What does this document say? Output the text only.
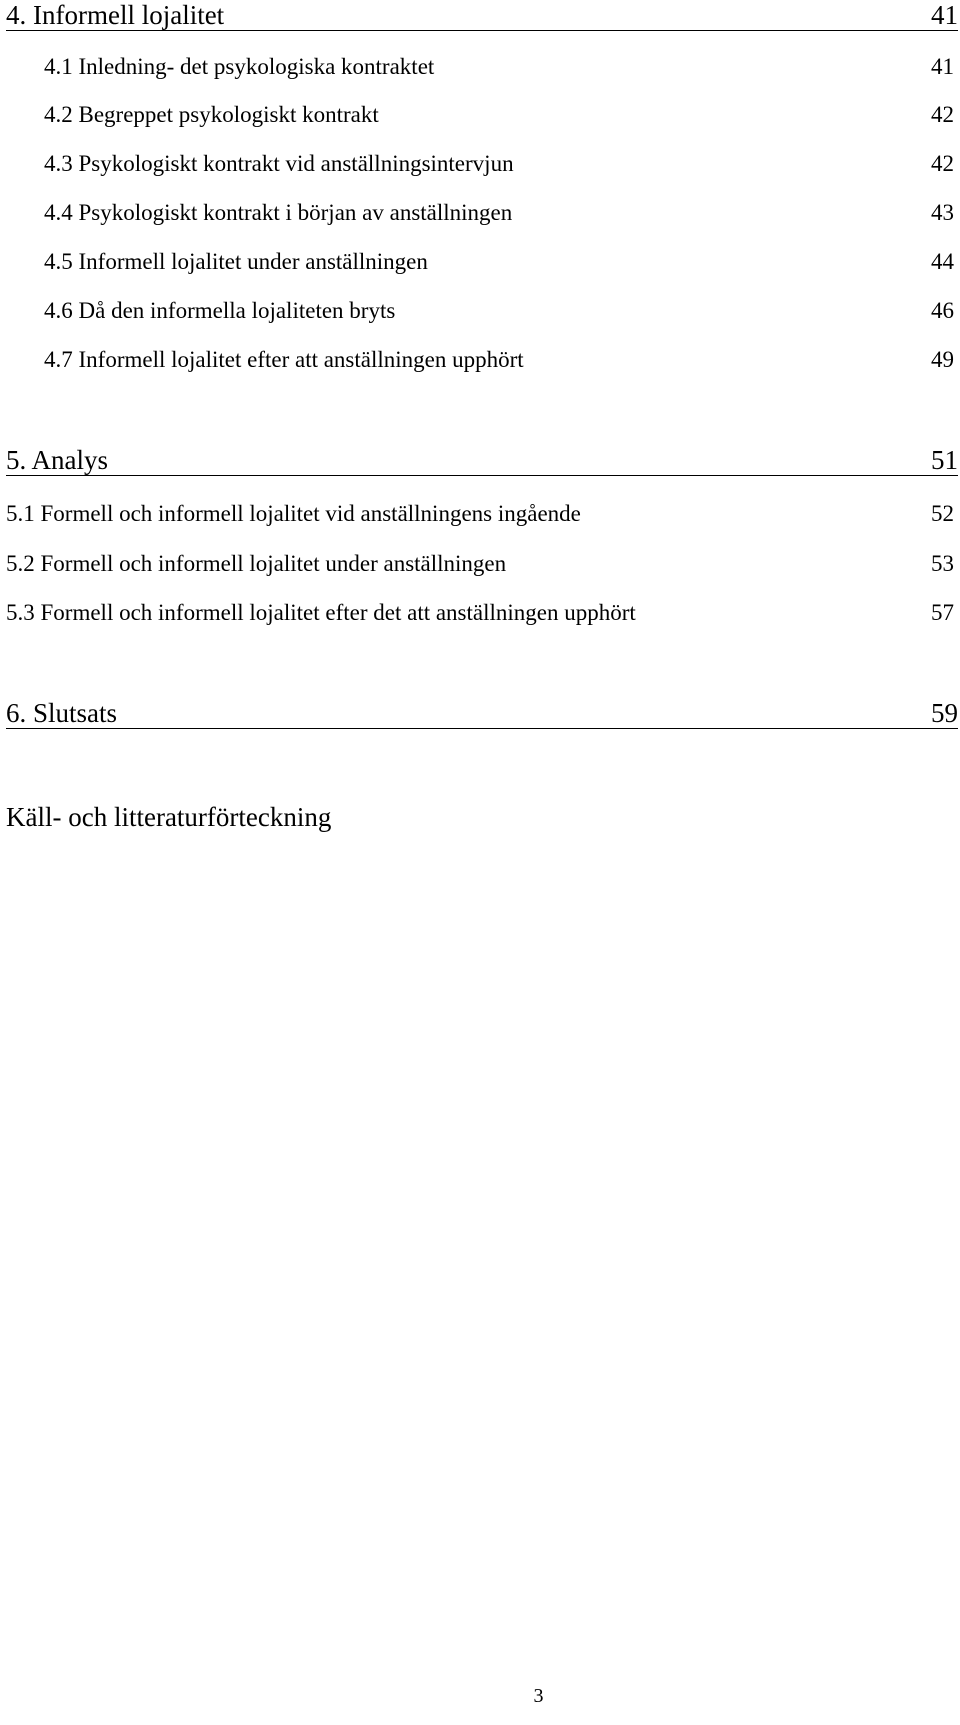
4. Informell lojalitet	41
4.1 Inledning- det psykologiska kontraktet	41
4.2 Begreppet psykologiskt kontrakt	42
4.3 Psykologiskt kontrakt vid anställningsintervjun	42
4.4 Psykologiskt kontrakt i början av anställningen	43
4.5 Informell lojalitet under anställningen	44
4.6 Då den informella lojaliteten bryts	46
4.7 Informell lojalitet efter att anställningen upphört	49
5. Analys	51
5.1 Formell och informell lojalitet vid anställningens ingående	52
5.2 Formell och informell lojalitet under anställningen	53
5.3 Formell och informell lojalitet efter det att anställningen upphört	57
6. Slutsats	59
Käll- och litteraturförteckning
3
